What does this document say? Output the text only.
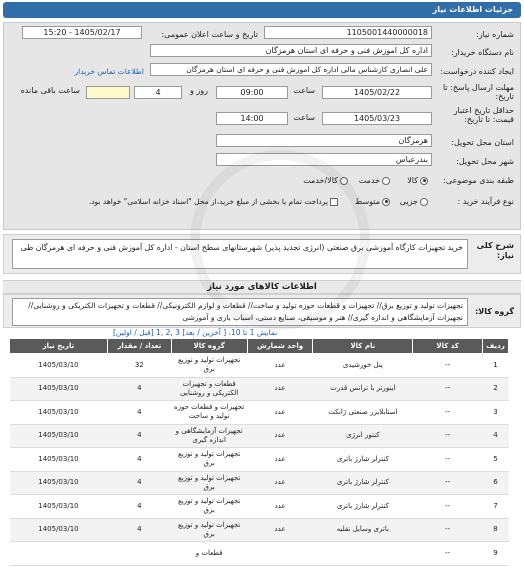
جزئیات اطلاعات نیاز
شماره نیاز:
1105001440000018
تاریخ و ساعت اعلان عمومی:
1405/02/17 - 15:20
نام دستگاه خریدار:
اداره کل اموزش فنی و حرفه ای استان هرمزگان
ایجاد کننده درخواست:
علی انصاری کارشناس مالی اداره کل اموزش فنی و حرفه ای استان هرمزگان
اطلاعات تماس خریدار
مهلت ارسال پاسخ: تا تاریخ:
1405/02/22
ساعت
09:00
4	روز و
ساعت باقی مانده
حداقل تاریخ اعتبار قیمت: تا تاریخ:
1405/03/23
ساعت
14:00
استان محل تحویل:
هرمزگان
شهر محل تحویل:
بندرعباس
طبقه بندی موضوعی:
کالا
خدمت
کالا/خدمت
نوع فرآیند خرید :
جزیی
متوسط
پرداخت تمام یا بخشی از مبلغ خرید،از محل "اسناد خزانه اسلامی" خواهد بود.
شرح کلی نیاز:
خرید تجهیزات کارگاه آموزشی برق صنعتی (انرژی تجدید پذیر) شهرستانهای سطح استان - اداره کل آموزش فنی و حرفه ای هرمزگان طی
اطلاعات کالاهای مورد نیاز
گروه کالا:
تجهیزات تولید و توزیع برق// تجهیزات و قطعات حوزه تولید و ساخت// قطعات و لوازم الکترونیکی// قطعات و تجهیزات الکتریکی و روشنایی// تجهیزات آزمایشگاهی و اندازه گیری// هنر و موسیقی، صنایع دستی، اسباب بازی و آموزشی
نمایش 1 تا 10، [ آخرین / بعد] 3 ,2 ,1 [قبل / اولین]
ردیف	کد کالا	نام کالا	واحد شمارش	گروه کالا	تعداد / مقدار	تاریخ نیاز
1	--	پنل خورشیدی	عدد	تجهیزات تولید و توزیع برق	32	1405/03/10
2	--	اینورتر با ترانس قدرت	عدد	قطعات و تجهیزات الکتریکی و روشنایی	4	1405/03/10
3	--	استابلایزر صنعتی ژانکت	عدد	تجهیزات و قطعات حوزه تولید و ساخت	4	1405/03/10
4	--	کنتور انرژی	عدد	تجهیزات آزمایشگاهی و اندازه گیری	4	1405/03/10
5	--	کنترلر شارژ باتری	عدد	تجهیزات تولید و توزیع برق	4	1405/03/10
6	--	کنترلر شارژ باتری	عدد	تجهیزات تولید و توزیع برق	4	1405/03/10
7	--	کنترلر شارژ باتری	عدد	تجهیزات تولید و توزیع برق	4	1405/03/10
8	--	باتری وسایل نقلیه	عدد	تجهیزات تولید و توزیع برق	4	1405/03/10
9	--			قطعات و		
